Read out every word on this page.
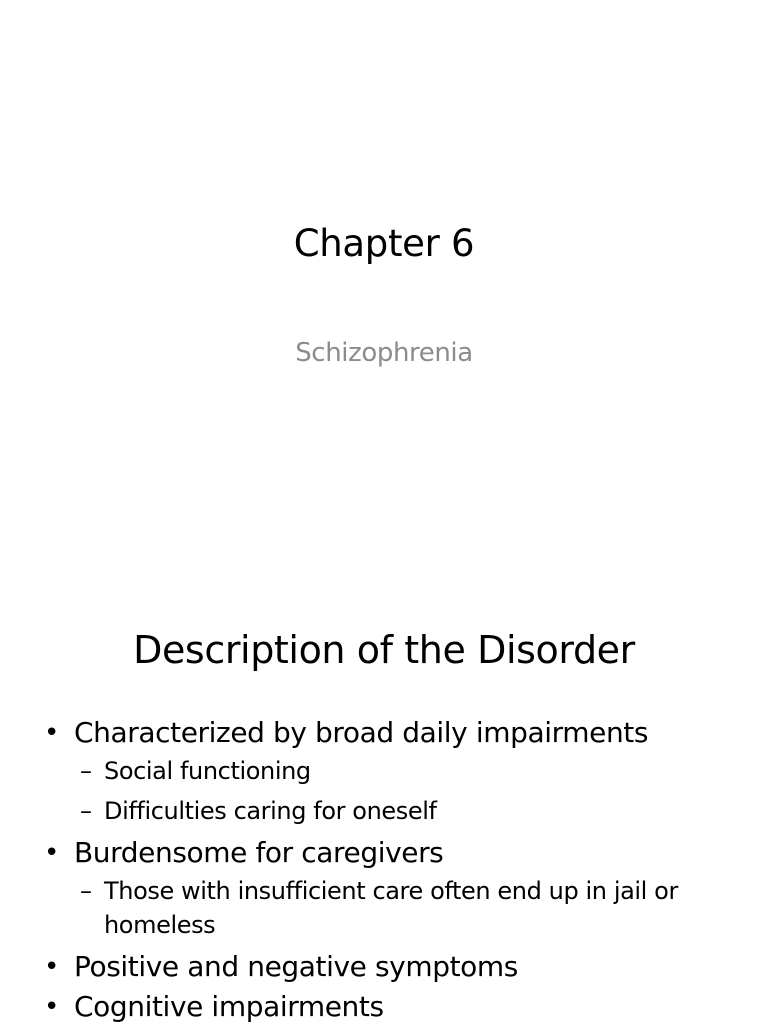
Chapter 6
Schizophrenia
Description of the Disorder
• Characterized by broad daily impairments
– Social functioning
– Difficulties caring for oneself
• Burdensome for caregivers
– Those with insufficient care often end up in jail or homeless
• Positive and negative symptoms
• Cognitive impairments
